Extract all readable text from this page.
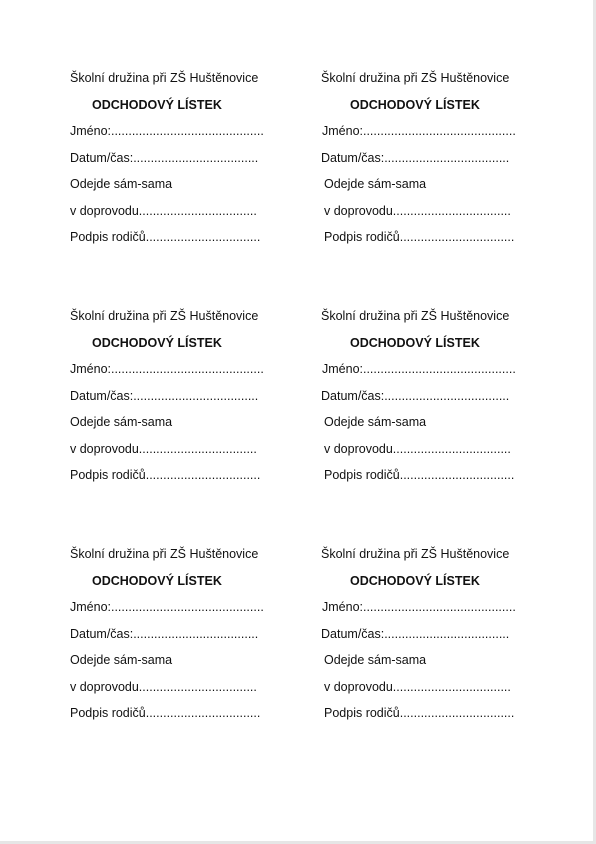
Školní družina při ZŠ Huštěnovice
ODCHODOVÝ LÍSTEK
Jméno:............................................
Datum/čas:....................................
Odejde sám-sama
v doprovodu..................................
Podpis rodičů.................................
Školní družina při ZŠ Huštěnovice
ODCHODOVÝ LÍSTEK
Jméno:............................................
Datum/čas:....................................
Odejde sám-sama
v doprovodu..................................
Podpis rodičů.................................
Školní družina při ZŠ Huštěnovice
ODCHODOVÝ LÍSTEK
Jméno:............................................
Datum/čas:....................................
Odejde sám-sama
v doprovodu..................................
Podpis rodičů.................................
Školní družina při ZŠ Huštěnovice
ODCHODOVÝ LÍSTEK
Jméno:............................................
Datum/čas:....................................
Odejde sám-sama
v doprovodu..................................
Podpis rodičů.................................
Školní družina při ZŠ Huštěnovice
ODCHODOVÝ LÍSTEK
Jméno:............................................
Datum/čas:....................................
Odejde sám-sama
v doprovodu..................................
Podpis rodičů.................................
Školní družina při ZŠ Huštěnovice
ODCHODOVÝ LÍSTEK
Jméno:............................................
Datum/čas:....................................
Odejde sám-sama
v doprovodu..................................
Podpis rodičů.................................
